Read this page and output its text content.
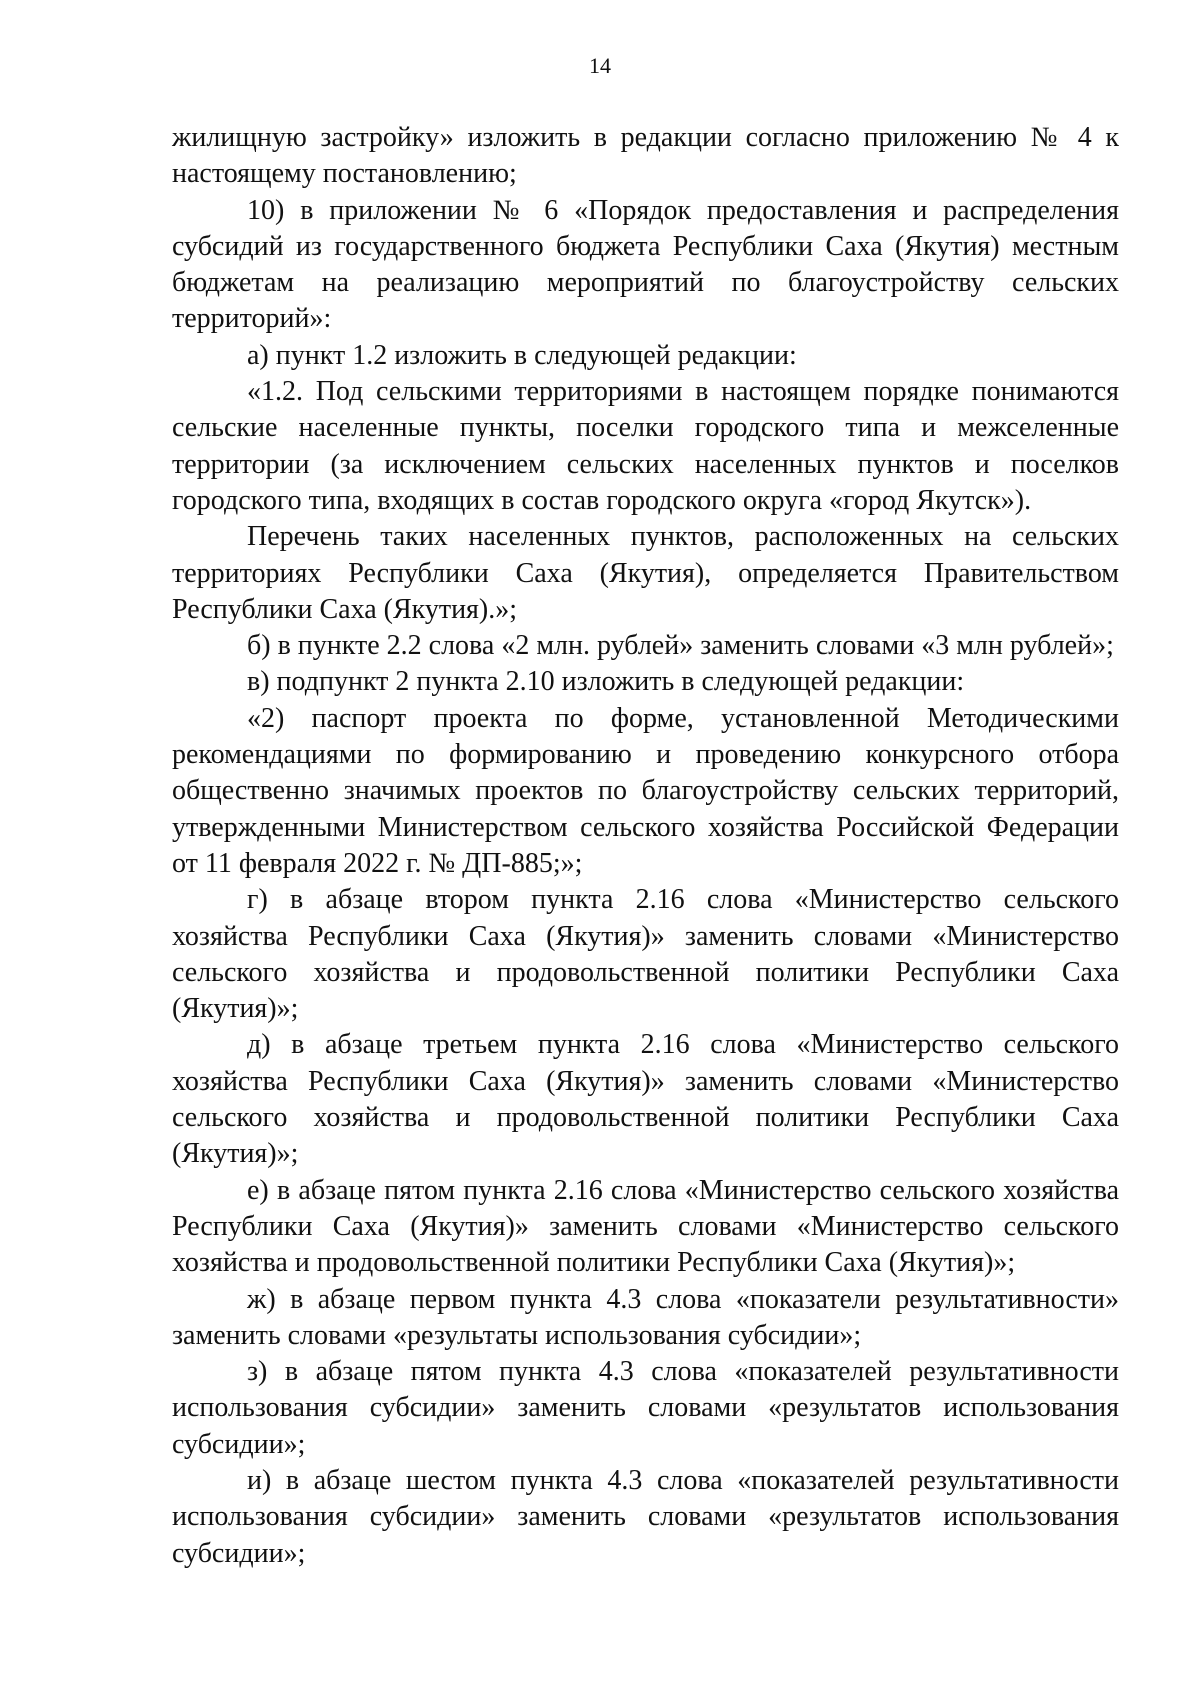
14

жилищную застройку» изложить в редакции согласно приложению № 4 к настоящему постановлению;

10) в приложении № 6 «Порядок предоставления и распределения субсидий из государственного бюджета Республики Саха (Якутия) местным бюджетам на реализацию мероприятий по благоустройству сельских территорий»:

а) пункт 1.2 изложить в следующей редакции:

«1.2. Под сельскими территориями в настоящем порядке понимаются сельские населенные пункты, поселки городского типа и межселенные территории (за исключением сельских населенных пунктов и поселков городского типа, входящих в состав городского округа «город Якутск»).

Перечень таких населенных пунктов, расположенных на сельских территориях Республики Саха (Якутия), определяется Правительством Республики Саха (Якутия).»;

б) в пункте 2.2 слова «2 млн. рублей» заменить словами «3 млн рублей»;

в) подпункт 2 пункта 2.10 изложить в следующей редакции:

«2) паспорт проекта по форме, установленной Методическими рекомендациями по формированию и проведению конкурсного отбора общественно значимых проектов по благоустройству сельских территорий, утвержденными Министерством сельского хозяйства Российской Федерации от 11 февраля 2022 г. № ДП-885;»;

г) в абзаце втором пункта 2.16 слова «Министерство сельского хозяйства Республики Саха (Якутия)» заменить словами «Министерство сельского хозяйства и продовольственной политики Республики Саха (Якутия)»;

д) в абзаце третьем пункта 2.16 слова «Министерство сельского хозяйства Республики Саха (Якутия)» заменить словами «Министерство сельского хозяйства и продовольственной политики Республики Саха (Якутия)»;

е) в абзаце пятом пункта 2.16 слова «Министерство сельского хозяйства Республики Саха (Якутия)» заменить словами «Министерство сельского хозяйства и продовольственной политики Республики Саха (Якутия)»;

ж) в абзаце первом пункта 4.3 слова «показатели результативности» заменить словами «результаты использования субсидии»;

з) в абзаце пятом пункта 4.3 слова «показателей результативности использования субсидии» заменить словами «результатов использования субсидии»;

и) в абзаце шестом пункта 4.3 слова «показателей результативности использования субсидии» заменить словами «результатов использования субсидии»;
